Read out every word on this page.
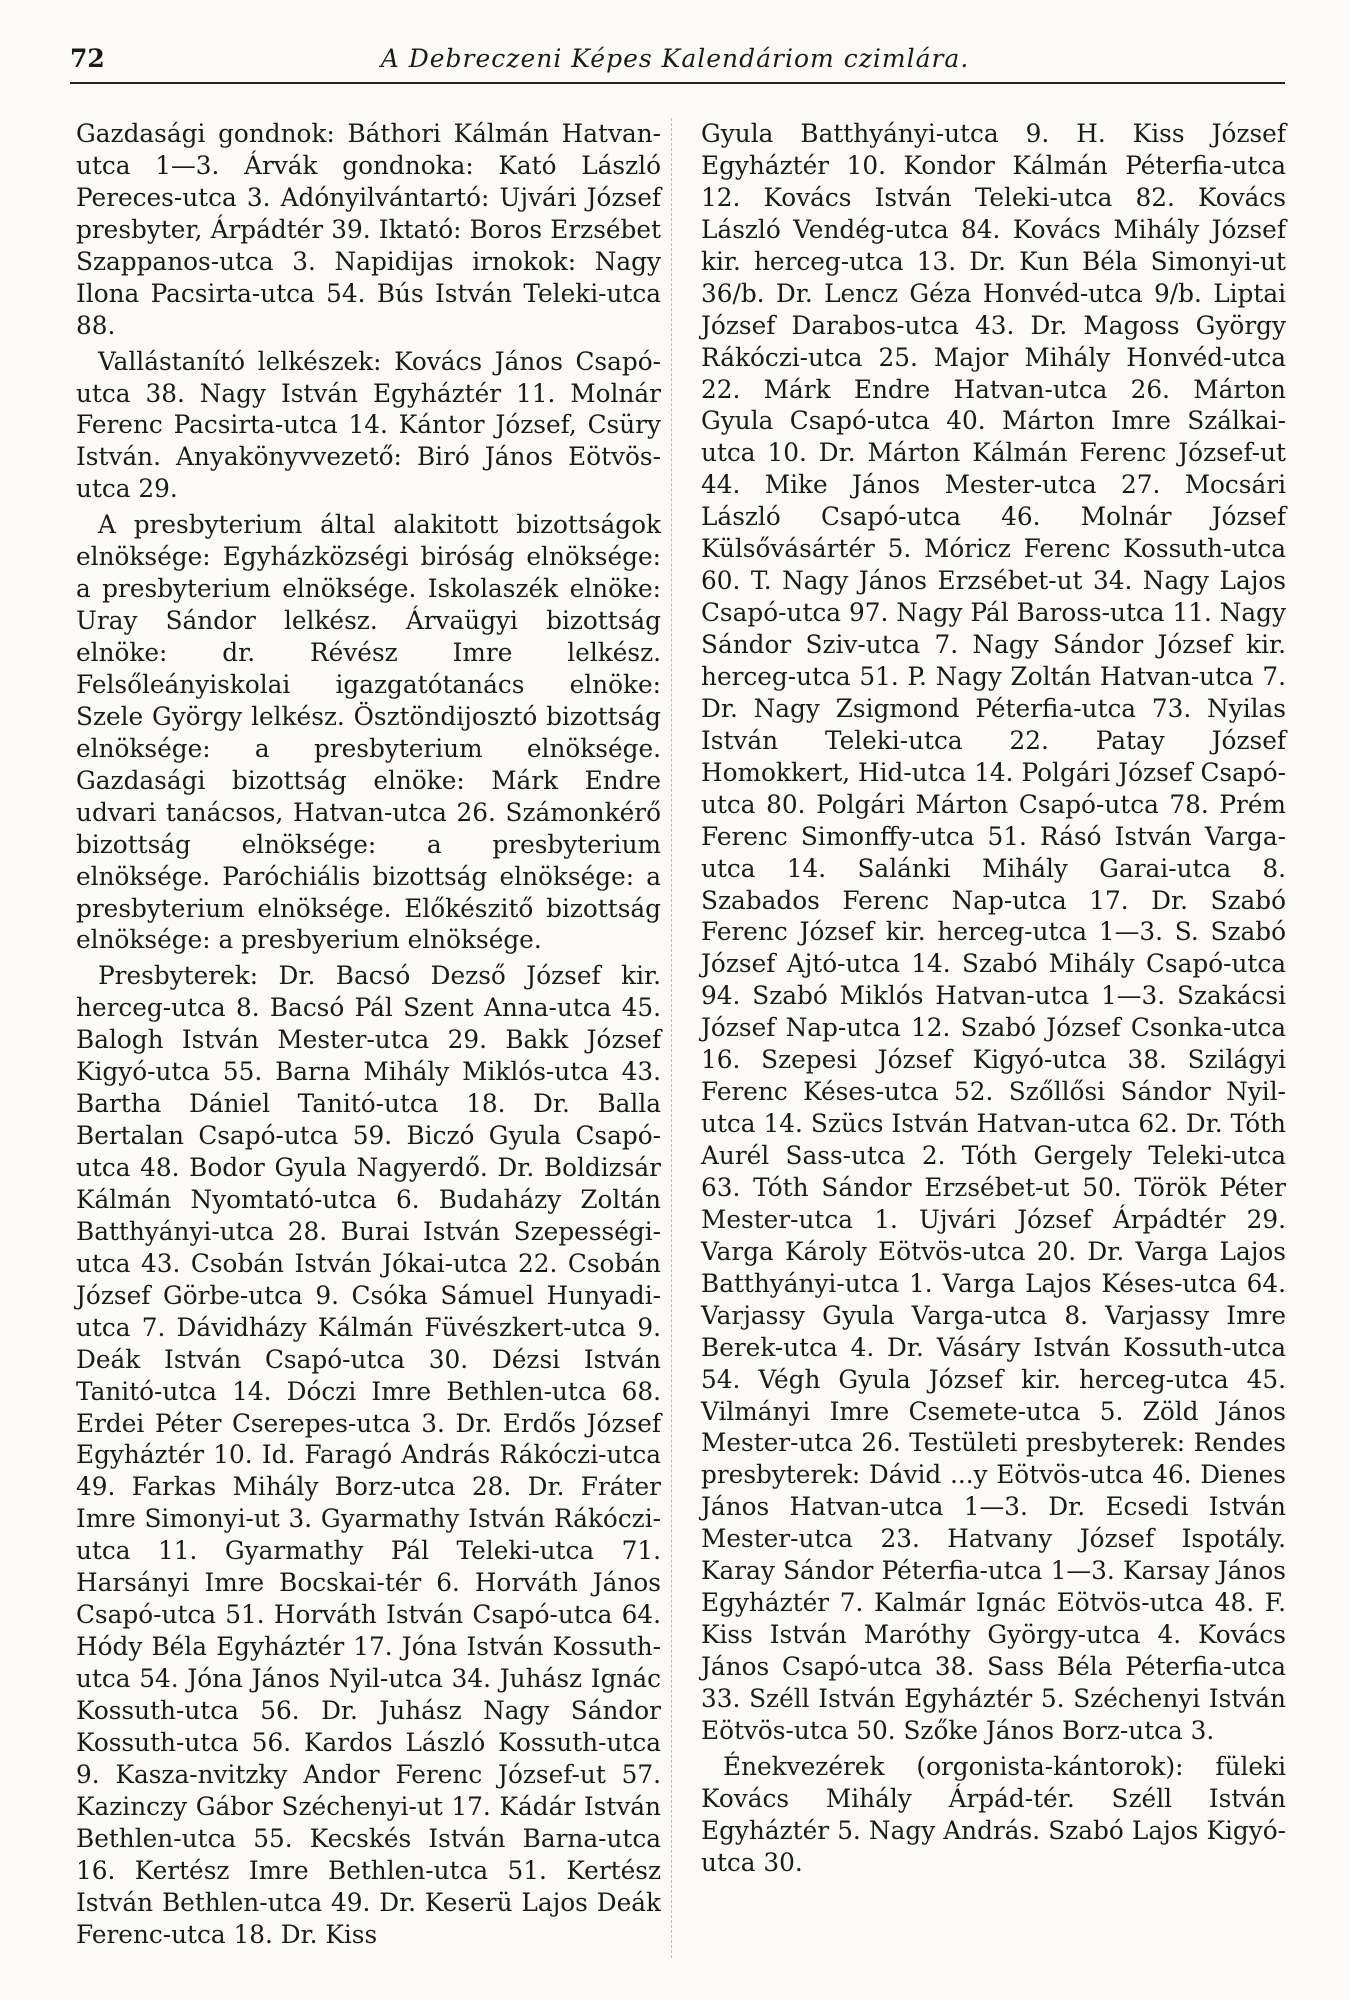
72	A Debreczeni Képes Kalendáriom czimlára.

Gazdasági gondnok: Báthori Kálmán Hatvan-utca 1—3. Árvák gondnoka: Kató László Pereces-utca 3. Adónyilvántartó: Ujvári József presbyter, Árpádtér 39. Iktató: Boros Erzsébet Szappanos-utca 3. Napidijas irnokok: Nagy Ilona Pacsirta-utca 54. Bús István Teleki-utca 88.

Vallástanító lelkészek: Kovács János Csapó-utca 38. Nagy István Egyháztér 11. Molnár Ferenc Pacsirta-utca 14. Kántor József, Csüry István. Anyakönyvvezető: Biró János Eötvös-utca 29.

A presbyterium által alakitott bizottságok elnöksége: Egyházközségi biróság elnöksége: a presbyterium elnöksége. Iskolaszék elnöke: Uray Sándor lelkész. Árvaügyi bizottság elnöke: dr. Révész Imre lelkész. Felsőleányiskolai igazgatótanács elnöke: Szele György lelkész. Ösztöndijosztó bizottság elnöksége: a presbyterium elnöksége. Gazdasági bizottság elnöke: Márk Endre udvari tanácsos, Hatvan-utca 26. Számonkérő bizottság elnöksége: a presbyterium elnöksége. Paróchiális bizottság elnöksége: a presbyterium elnöksége. Előkészitő bizottság elnöksége: a presbyerium elnöksége.

Presbyterek: Dr. Bacsó Dezső József kir. herceg-utca 8. Bacsó Pál Szent Anna-utca 45. Balogh István Mester-utca 29. Bakk József Kigyó-utca 55. Barna Mihály Miklós-utca 43. Bartha Dániel Tanitó-utca 18. Dr. Balla Bertalan Csapó-utca 59. Biczó Gyula Csapó-utca 48. Bodor Gyula Nagyerdő. Dr. Boldizsár Kálmán Nyomtató-utca 6. Budaházy Zoltán Batthyányi-utca 28. Burai István Szepességi-utca 43. Csobán István Jókai-utca 22. Csobán József Görbe-utca 9. Csóka Sámuel Hunyadi-utca 7. Dávidházy Kálmán Füvészkert-utca 9. Deák István Csapó-utca 30. Dézsi István Tanitó-utca 14. Dóczi Imre Bethlen-utca 68. Erdei Péter Cserepes-utca 3. Dr. Erdős József Egyháztér 10. Id. Faragó András Rákóczi-utca 49. Farkas Mihály Borz-utca 28. Dr. Fráter Imre Simonyi-ut 3. Gyarmathy István Rákóczi-utca 11. Gyarmathy Pál Teleki-utca 71. Harsányi Imre Bocskai-tér 6. Horváth János Csapó-utca 51. Horváth István Csapó-utca 64. Hódy Béla Egyháztér 17. Jóna István Kossuth-utca 54. Jóna János Nyil-utca 34. Juhász Ignác Kossuth-utca 56. Dr. Juhász Nagy Sándor Kossuth-utca 56. Kardos László Kossuth-utca 9. Kasza-nvitzky Andor Ferenc József-ut 57. Kazinczy Gábor Széchenyi-ut 17. Kádár István Bethlen-utca 55. Kecskés István Barna-utca 16. Kertész Imre Bethlen-utca 51. Kertész István Bethlen-utca 49. Dr. Keserü Lajos Deák Ferenc-utca 18. Dr. Kiss

Gyula Batthyányi-utca 9. H. Kiss József Egyháztér 10. Kondor Kálmán Péterfia-utca 12. Kovács István Teleki-utca 82. Kovács László Vendég-utca 84. Kovács Mihály József kir. herceg-utca 13. Dr. Kun Béla Simonyi-ut 36/b. Dr. Lencz Géza Honvéd-utca 9/b. Liptai József Darabos-utca 43. Dr. Magoss György Rákóczi-utca 25. Major Mihály Honvéd-utca 22. Márk Endre Hatvan-utca 26. Márton Gyula Csapó-utca 40. Márton Imre Szálkai-utca 10. Dr. Márton Kálmán Ferenc József-ut 44. Mike János Mester-utca 27. Mocsári László Csapó-utca 46. Molnár József Külsővásártér 5. Móricz Ferenc Kossuth-utca 60. T. Nagy János Erzsébet-ut 34. Nagy Lajos Csapó-utca 97. Nagy Pál Baross-utca 11. Nagy Sándor Sziv-utca 7. Nagy Sándor József kir. herceg-utca 51. P. Nagy Zoltán Hatvan-utca 7. Dr. Nagy Zsigmond Péterfia-utca 73. Nyilas István Teleki-utca 22. Patay József Homokkert, Hid-utca 14. Polgári József Csapó-utca 80. Polgári Márton Csapó-utca 78. Prém Ferenc Simonffy-utca 51. Rásó István Varga-utca 14. Salánki Mihály Garai-utca 8. Szabados Ferenc Nap-utca 17. Dr. Szabó Ferenc József kir. herceg-utca 1—3. S. Szabó József Ajtó-utca 14. Szabó Mihály Csapó-utca 94. Szabó Miklós Hatvan-utca 1—3. Szakácsi József Nap-utca 12. Szabó József Csonka-utca 16. Szepesi József Kigyó-utca 38. Szilágyi Ferenc Késes-utca 52. Szőllősi Sándor Nyil-utca 14. Szücs István Hatvan-utca 62. Dr. Tóth Aurél Sass-utca 2. Tóth Gergely Teleki-utca 63. Tóth Sándor Erzsébet-ut 50. Török Péter Mester-utca 1. Ujvári József Árpádtér 29. Varga Károly Eötvös-utca 20. Dr. Varga Lajos Batthyányi-utca 1. Varga Lajos Késes-utca 64. Varjassy Gyula Varga-utca 8. Varjassy Imre Berek-utca 4. Dr. Vásáry István Kossuth-utca 54. Végh Gyula József kir. herceg-utca 45. Vilmányi Imre Csemete-utca 5. Zöld János Mester-utca 26. Testületi presbyterek: Rendes presbyterek: Dávid ...y Eötvös-utca 46. Dienes János Hatvan-utca 1—3. Dr. Ecsedi István Mester-utca 23. Hatvany József Ispotály. Karay Sándor Péterfia-utca 1—3. Karsay János Egyháztér 7. Kalmár Ignác Eötvös-utca 48. F. Kiss István Maróthy György-utca 4. Kovács János Csapó-utca 38. Sass Béla Péterfia-utca 33. Széll István Egyháztér 5. Széchenyi István Eötvös-utca 50. Szőke János Borz-utca 3.

Énekvezérek (orgonista-kántorok): füleki Kovács Mihály Árpád-tér. Széll István Egyháztér 5. Nagy András. Szabó Lajos Kigyó-utca 30.
